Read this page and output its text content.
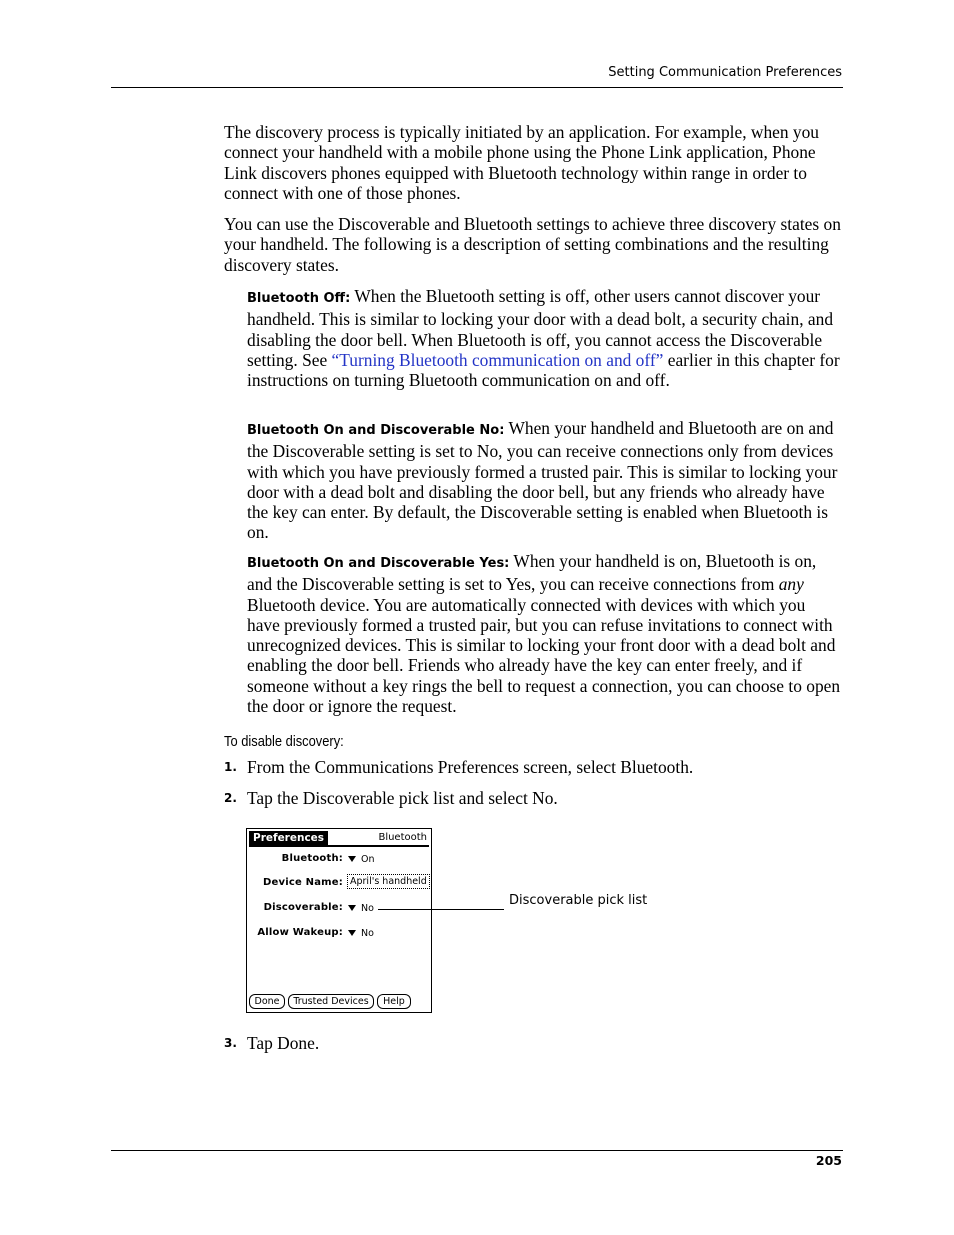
Setting Communication Preferences
The discovery process is typically initiated by an application. For example, when you connect your handheld with a mobile phone using the Phone Link application, Phone Link discovers phones equipped with Bluetooth technology within range in order to connect with one of those phones.
You can use the Discoverable and Bluetooth settings to achieve three discovery states on your handheld. The following is a description of setting combinations and the resulting discovery states.
Bluetooth Off: When the Bluetooth setting is off, other users cannot discover your handheld. This is similar to locking your door with a dead bolt, a security chain, and disabling the door bell. When Bluetooth is off, you cannot access the Discoverable setting. See “Turning Bluetooth communication on and off” earlier in this chapter for instructions on turning Bluetooth communication on and off.
Bluetooth On and Discoverable No: When your handheld and Bluetooth are on and the Discoverable setting is set to No, you can receive connections only from devices with which you have previously formed a trusted pair. This is similar to locking your door with a dead bolt and disabling the door bell, but any friends who already have the key can enter. By default, the Discoverable setting is enabled when Bluetooth is on.
Bluetooth On and Discoverable Yes: When your handheld is on, Bluetooth is on, and the Discoverable setting is set to Yes, you can receive connections from any Bluetooth device. You are automatically connected with devices with which you have previously formed a trusted pair, but you can refuse invitations to connect with unrecognized devices. This is similar to locking your front door with a dead bolt and enabling the door bell. Friends who already have the key can enter freely, and if someone without a key rings the bell to request a connection, you can choose to open the door or ignore the request.
To disable discovery:
1. From the Communications Preferences screen, select Bluetooth.
2. Tap the Discoverable pick list and select No.
Preferences	Bluetooth
Bluetooth: On
Device Name: April's handheld
Discoverable: No
Allow Wakeup: No
Done	Trusted Devices	Help
Discoverable pick list
3. Tap Done.
205
